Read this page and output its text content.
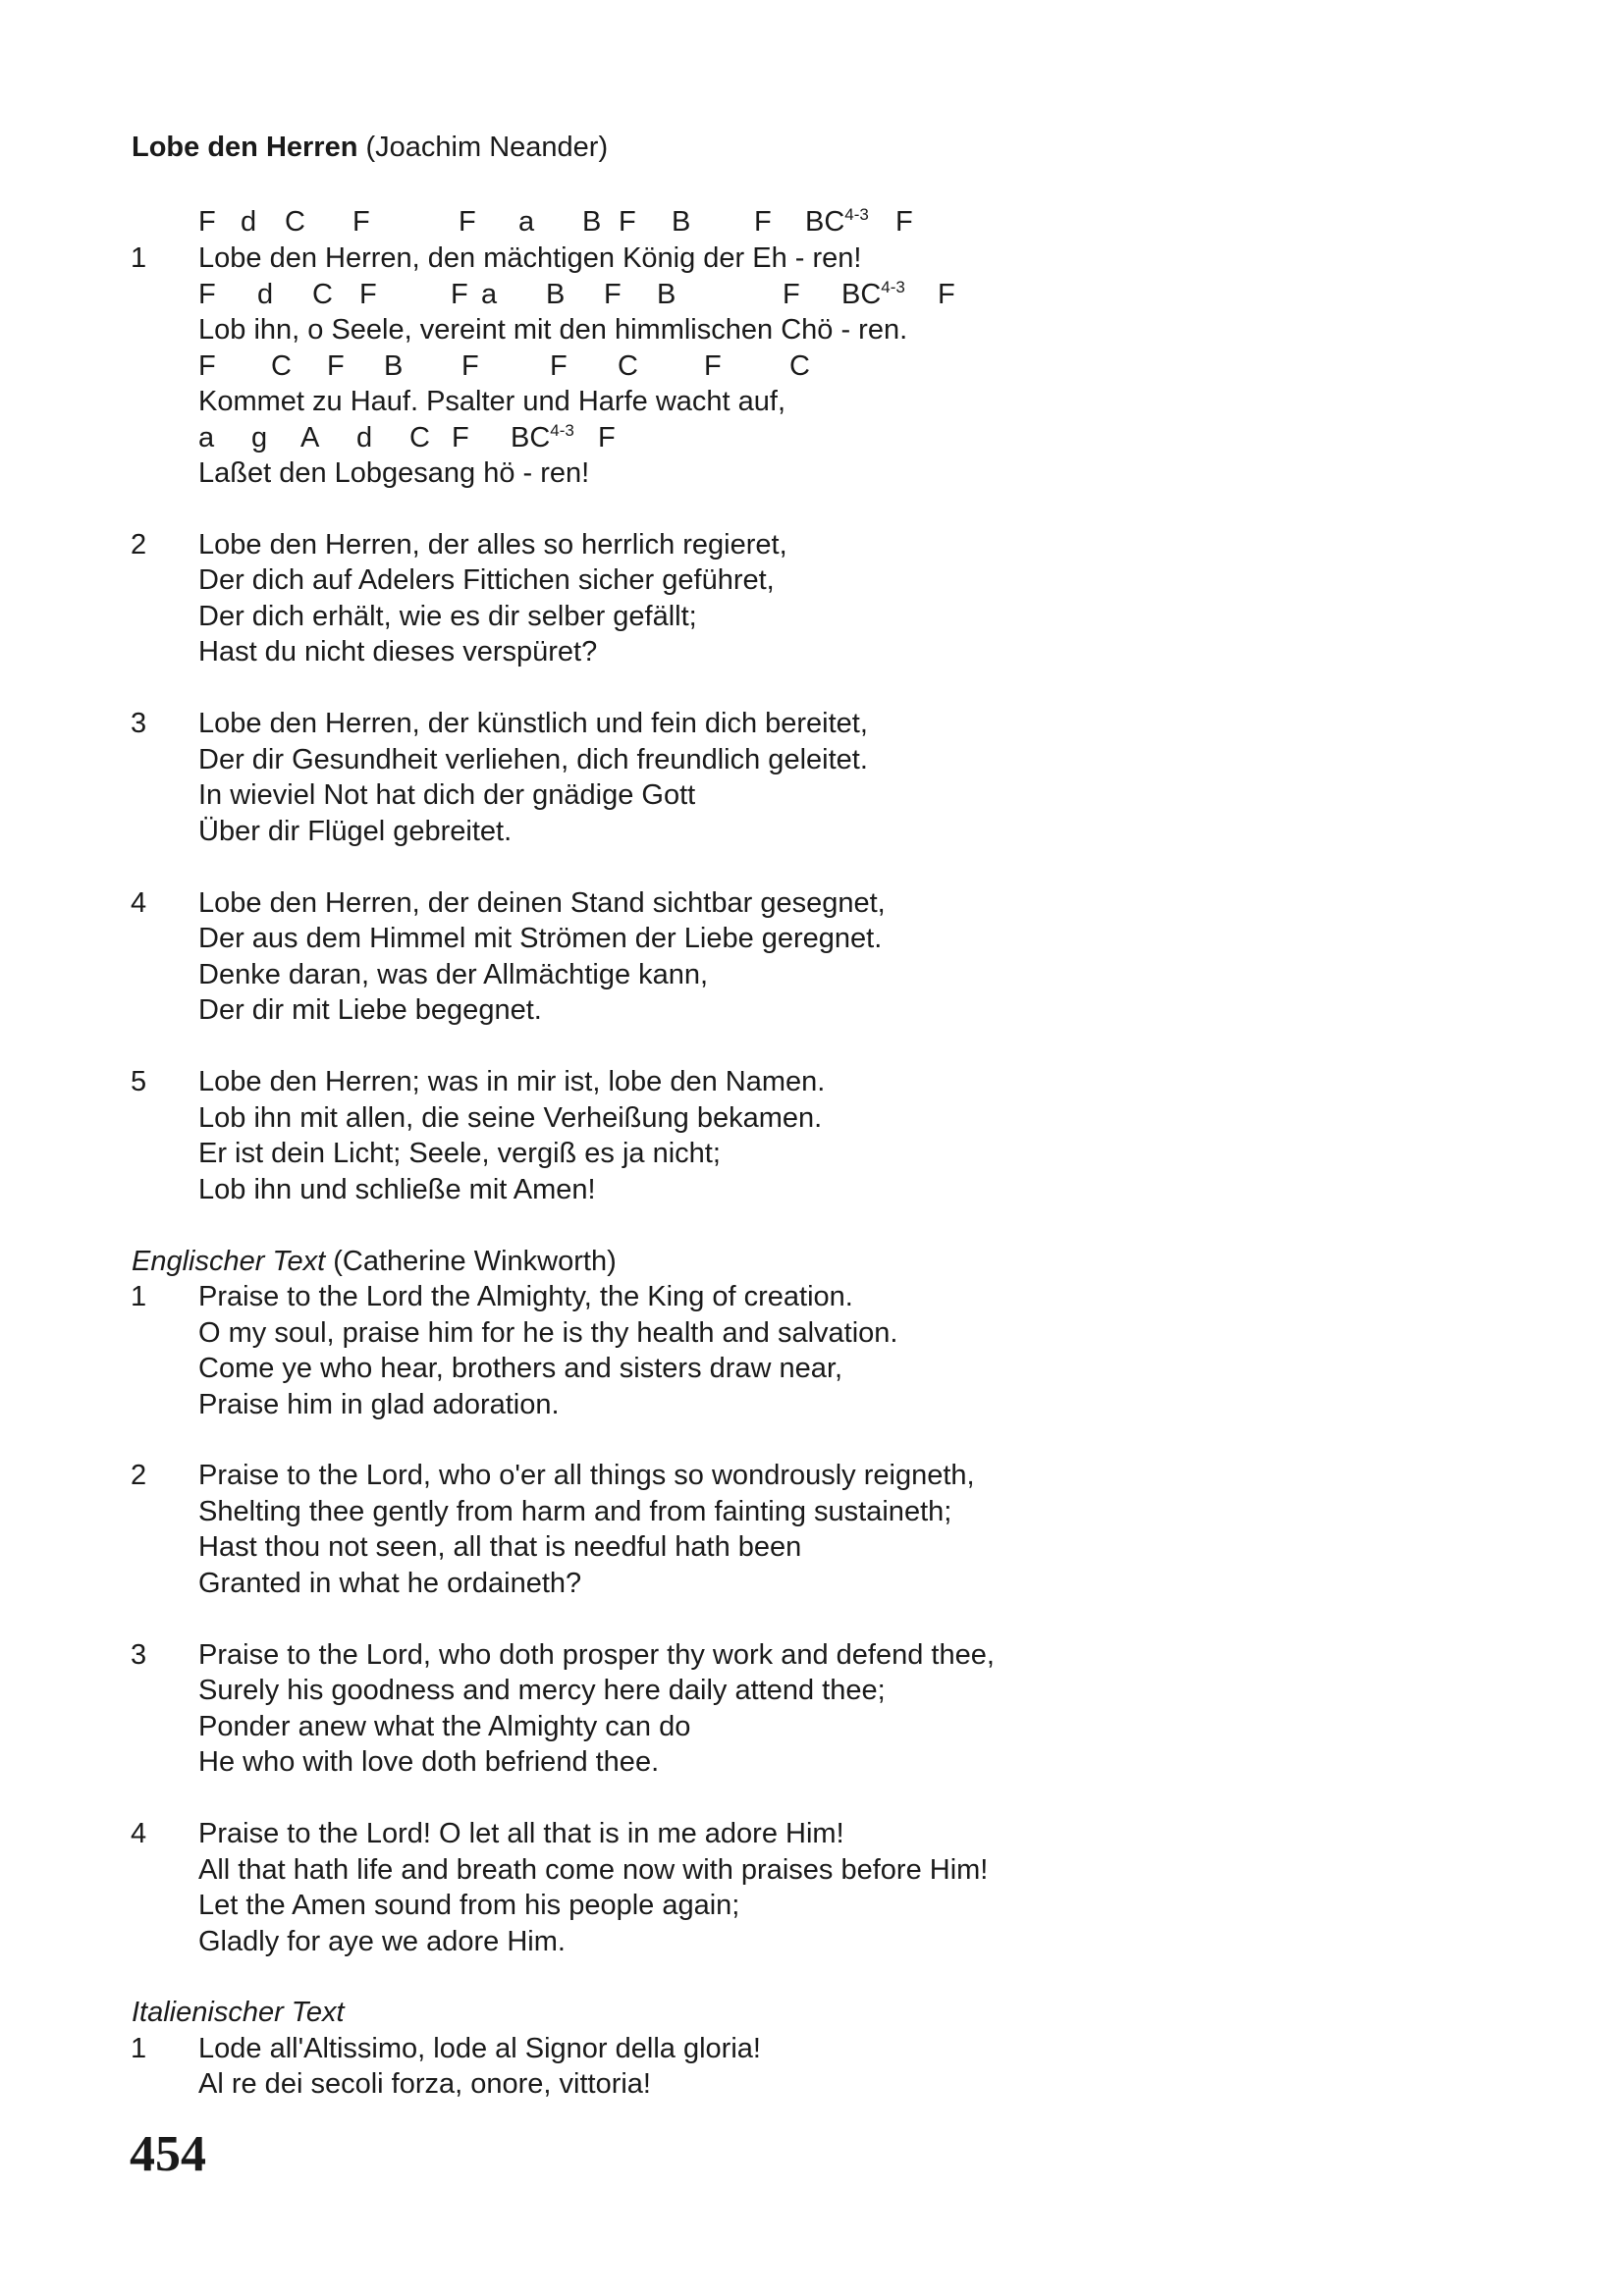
Lobe den Herren (Joachim Neander)
F d C F	F a B F B F BC$^{4-3}$ F
1 Lobe den Herren, den mächtigen König der Eh - ren!
F d C F	F a B F B	F BC$^{4-3}$ F
Lob ihn, o Seele, vereint mit den himmlischen Chö - ren.
F C F B F F C F C
Kommet zu Hauf. Psalter und Harfe wacht auf,
a g A d C F BC$^{4-3}$ F
Laßet den Lobgesang hö - ren!
2 Lobe den Herren, der alles so herrlich regieret,
Der dich auf Adelers Fittichen sicher geführet,
Der dich erhält, wie es dir selber gefällt;
Hast du nicht dieses verspüret?
3 Lobe den Herren, der künstlich und fein dich bereitet,
Der dir Gesundheit verliehen, dich freundlich geleitet.
In wieviel Not hat dich der gnädige Gott
Über dir Flügel gebreitet.
4 Lobe den Herren, der deinen Stand sichtbar gesegnet,
Der aus dem Himmel mit Strömen der Liebe geregnet.
Denke daran, was der Allmächtige kann,
Der dir mit Liebe begegnet.
5 Lobe den Herren; was in mir ist, lobe den Namen.
Lob ihn mit allen, die seine Verheißung bekamen.
Er ist dein Licht; Seele, vergiß es ja nicht;
Lob ihn und schließe mit Amen!
Englischer Text (Catherine Winkworth)
1 Praise to the Lord the Almighty, the King of creation.
O my soul, praise him for he is thy health and salvation.
Come ye who hear, brothers and sisters draw near,
Praise him in glad adoration.
2 Praise to the Lord, who o'er all things so wondrously reigneth,
Shelting thee gently from harm and from fainting sustaineth;
Hast thou not seen, all that is needful hath been
Granted in what he ordaineth?
3 Praise to the Lord, who doth prosper thy work and defend thee,
Surely his goodness and mercy here daily attend thee;
Ponder anew what the Almighty can do
He who with love doth befriend thee.
4 Praise to the Lord! O let all that is in me adore Him!
All that hath life and breath come now with praises before Him!
Let the Amen sound from his people again;
Gladly for aye we adore Him.
Italienischer Text
1 Lode all'Altissimo, lode al Signor della gloria!
Al re dei secoli forza, onore, vittoria!
454
